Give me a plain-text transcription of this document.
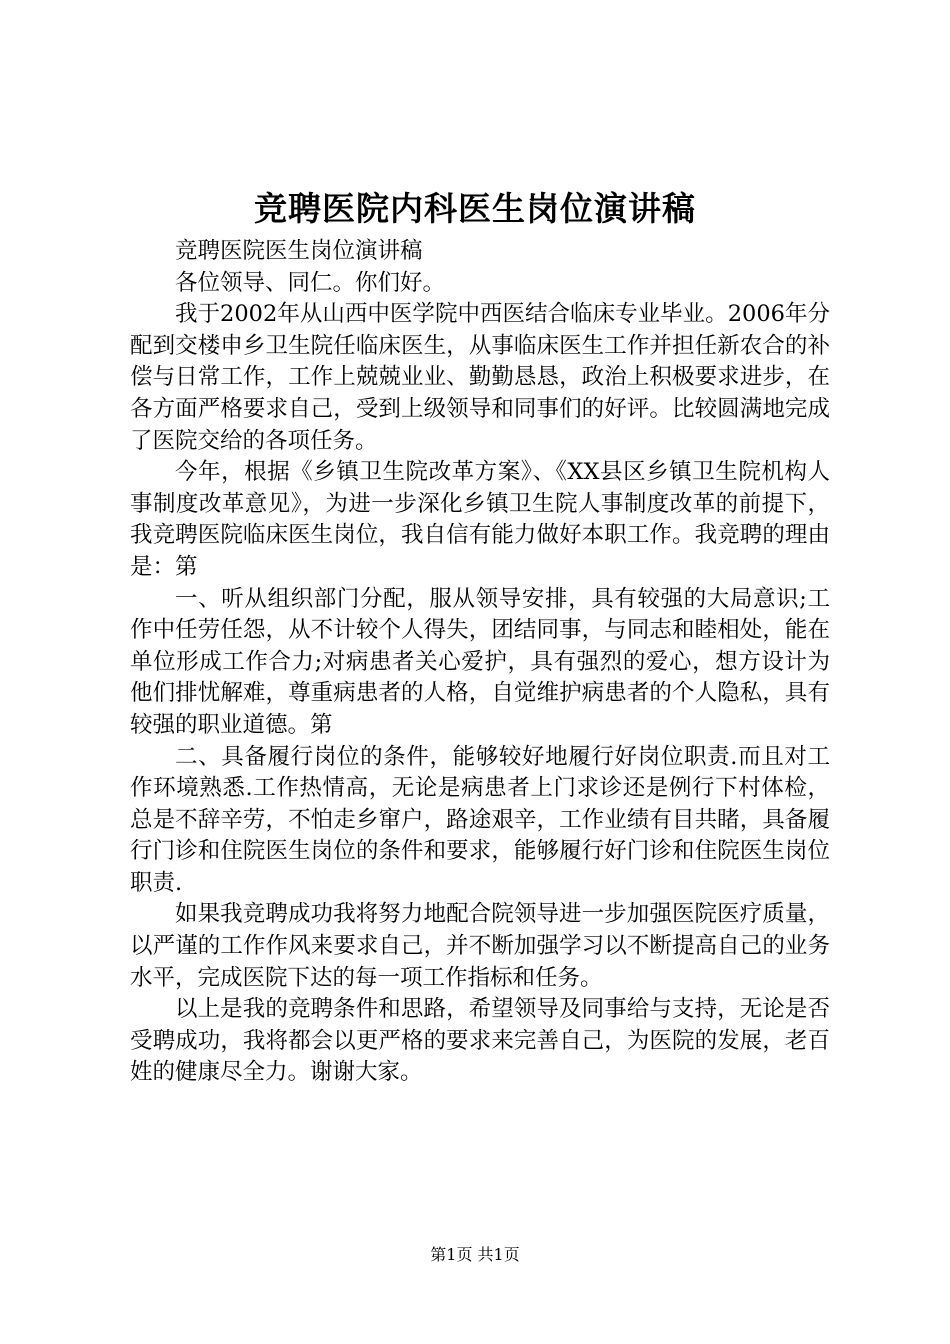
竞聘医院内科医生岗位演讲稿

竞聘医院医生岗位演讲稿

各位领导、同仁。你们好。

我于2002年从山西中医学院中西医结合临床专业毕业。2006年分配到交楼申乡卫生院任临床医生，从事临床医生工作并担任新农合的补偿与日常工作，工作上兢兢业业、勤勤恳恳，政治上积极要求进步，在各方面严格要求自己，受到上级领导和同事们的好评。比较圆满地完成了医院交给的各项任务。

今年，根据《乡镇卫生院改革方案》、《XX县区乡镇卫生院机构人事制度改革意见》，为进一步深化乡镇卫生院人事制度改革的前提下，我竞聘医院临床医生岗位，我自信有能力做好本职工作。我竞聘的理由是：第

一、听从组织部门分配，服从领导安排，具有较强的大局意识;工作中任劳任怨，从不计较个人得失，团结同事，与同志和睦相处，能在单位形成工作合力;对病患者关心爱护，具有强烈的爱心，想方设计为他们排忧解难，尊重病患者的人格，自觉维护病患者的个人隐私，具有较强的职业道德。第

二、具备履行岗位的条件，能够较好地履行好岗位职责.而且对工作环境熟悉.工作热情高，无论是病患者上门求诊还是例行下村体检，总是不辞辛劳，不怕走乡窜户，路途艰辛，工作业绩有目共睹，具备履行门诊和住院医生岗位的条件和要求，能够履行好门诊和住院医生岗位职责.

如果我竞聘成功我将努力地配合院领导进一步加强医院医疗质量，以严谨的工作作风来要求自己，并不断加强学习以不断提高自己的业务水平，完成医院下达的每一项工作指标和任务。

以上是我的竞聘条件和思路，希望领导及同事给与支持，无论是否受聘成功，我将都会以更严格的要求来完善自己，为医院的发展，老百姓的健康尽全力。谢谢大家。

第1页 共1页
